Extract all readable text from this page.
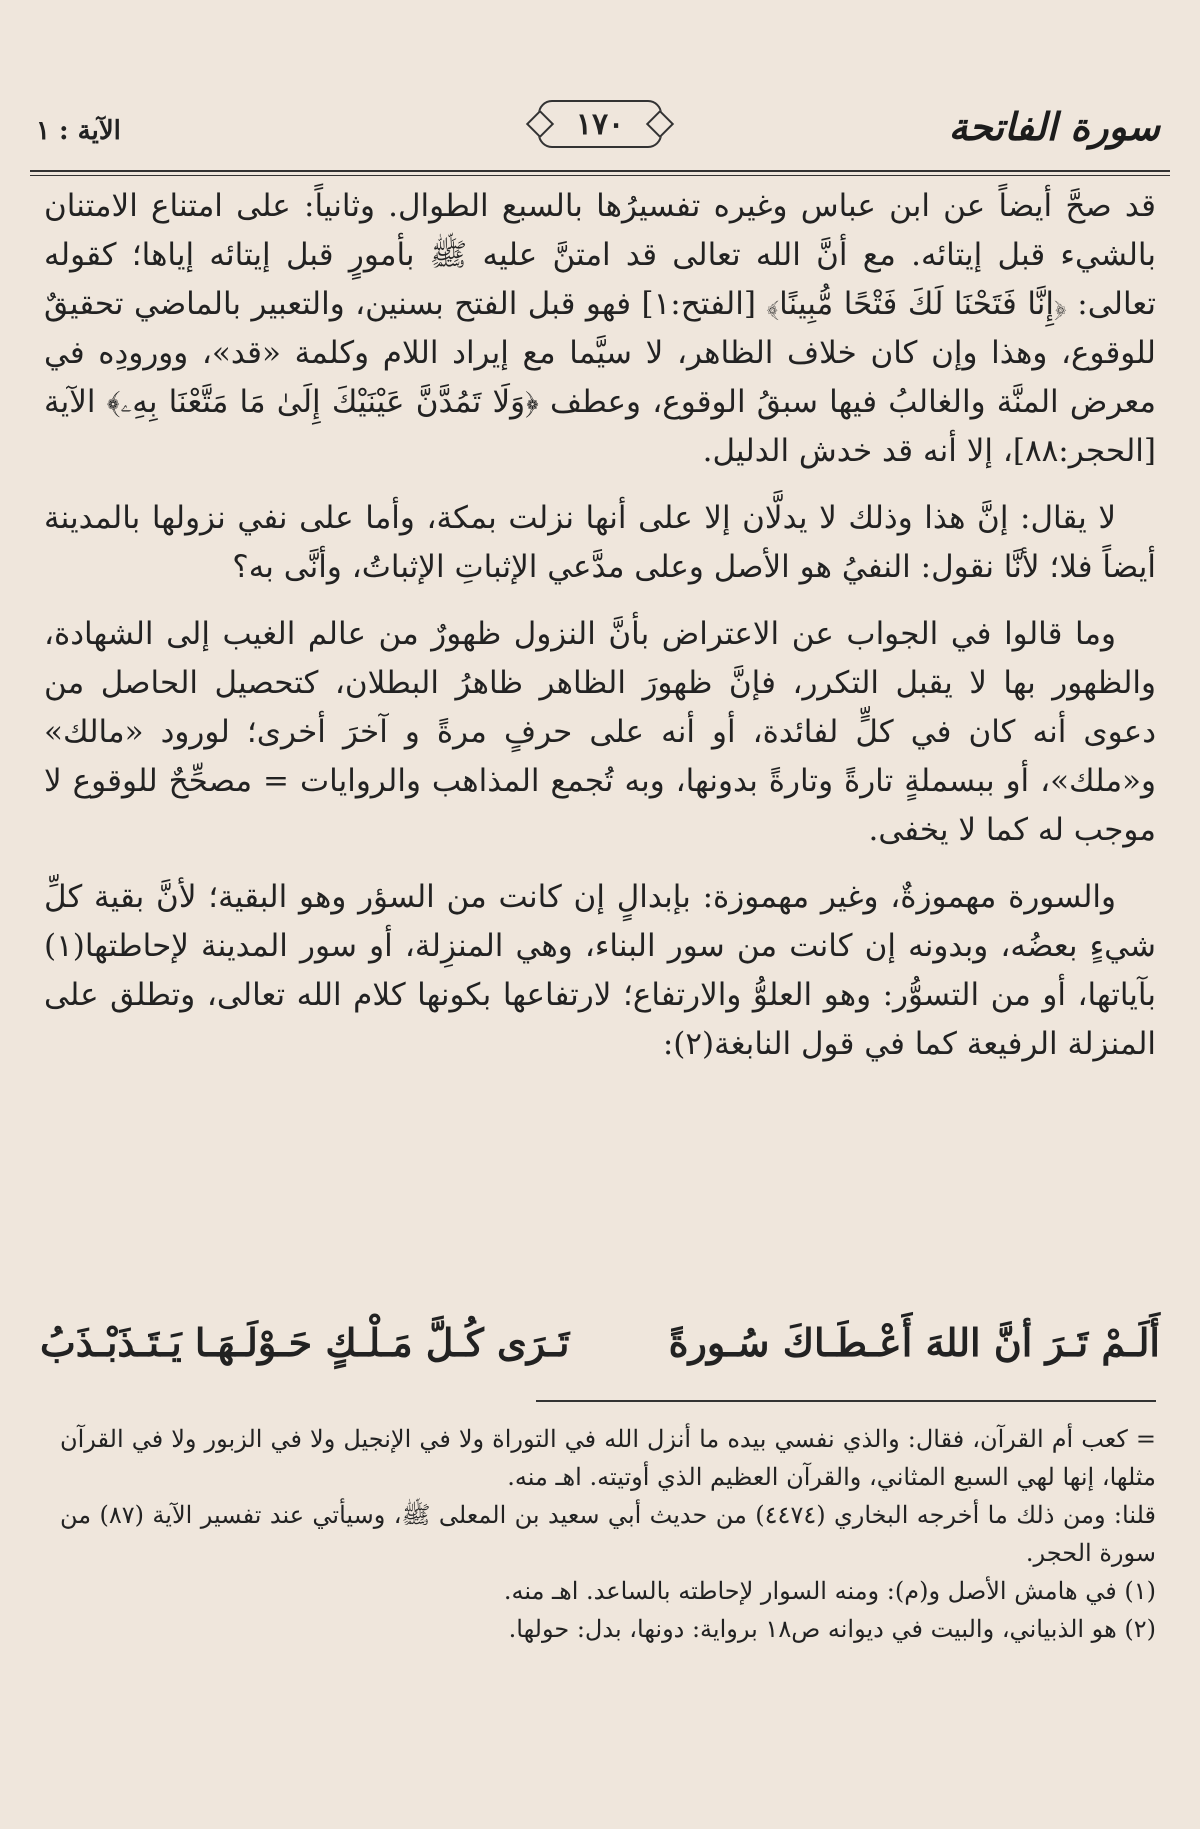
سورة الفاتحة
١٧٠
الآية : ١

قد صحَّ أيضاً عن ابن عباس وغيره تفسيرُها بالسبع الطوال. وثانياً: على امتناع الامتنان بالشيء قبل إيتائه. مع أنَّ الله تعالى قد امتنَّ عليه ﷺ بأمورٍ قبل إيتائه إياها؛ كقوله تعالى: ﴿إِنَّا فَتَحْنَا لَكَ فَتْحًا مُّبِينًا﴾ [الفتح:١] فهو قبل الفتح بسنين، والتعبير بالماضي تحقيقٌ للوقوع، وهذا وإن كان خلاف الظاهر، لا سيَّما مع إيراد اللام وكلمة «قد»، وورودِه في معرض المنَّة والغالبُ فيها سبقُ الوقوع، وعطف ﴿وَلَا تَمُدَّنَّ عَيْنَيْكَ إِلَىٰ مَا مَتَّعْنَا بِهِۦ﴾ الآية [الحجر:٨٨]، إلا أنه قد خدش الدليل.

لا يقال: إنَّ هذا وذلك لا يدلَّان إلا على أنها نزلت بمكة، وأما على نفي نزولها بالمدينة أيضاً فلا؛ لأنَّا نقول: النفيُ هو الأصل وعلى مدَّعي الإثباتِ الإثباتُ، وأنَّى به؟

وما قالوا في الجواب عن الاعتراض بأنَّ النزول ظهورٌ من عالم الغيب إلى الشهادة، والظهور بها لا يقبل التكرر، فإنَّ ظهورَ الظاهر ظاهرُ البطلان، كتحصيل الحاصل من دعوى أنه كان في كلٍّ لفائدة، أو أنه على حرفٍ مرةً و آخرَ أخرى؛ لورود «مالك» و«ملك»، أو ببسملةٍ تارةً وتارةً بدونها، وبه تُجمع المذاهب والروايات = مصحِّحٌ للوقوع لا موجب له كما لا يخفى.

والسورة مهموزةٌ، وغير مهموزة: بإبدالٍ إن كانت من السؤر وهو البقية؛ لأنَّ بقية كلِّ شيءٍ بعضُه، وبدونه إن كانت من سور البناء، وهي المنزِلة، أو سور المدينة لإحاطتها(١) بآياتها، أو من التسوُّر: وهو العلوُّ والارتفاع؛ لارتفاعها بكونها كلام الله تعالى، وتطلق على المنزلة الرفيعة كما في قول النابغة(٢):

أَلَـمْ تَـرَ أنَّ اللهَ أَعْـطَـاكَ سُـورةً
تَـرَى كُـلَّ مَـلْـكٍ حَـوْلَـهَـا يَـتَـذَبْـذَبُ

= كعب أم القرآن، فقال: والذي نفسي بيده ما أنزل الله في التوراة ولا في الإنجيل ولا في الزبور ولا في القرآن مثلها، إنها لهي السبع المثاني، والقرآن العظيم الذي أوتيته. اهـ منه.

قلنا: ومن ذلك ما أخرجه البخاري (٤٤٧٤) من حديث أبي سعيد بن المعلى ﷺ، وسيأتي عند تفسير الآية (٨٧) من سورة الحجر.

(١) في هامش الأصل و(م): ومنه السوار لإحاطته بالساعد. اهـ منه.

(٢) هو الذبياني، والبيت في ديوانه ص١٨ برواية: دونها، بدل: حولها.
